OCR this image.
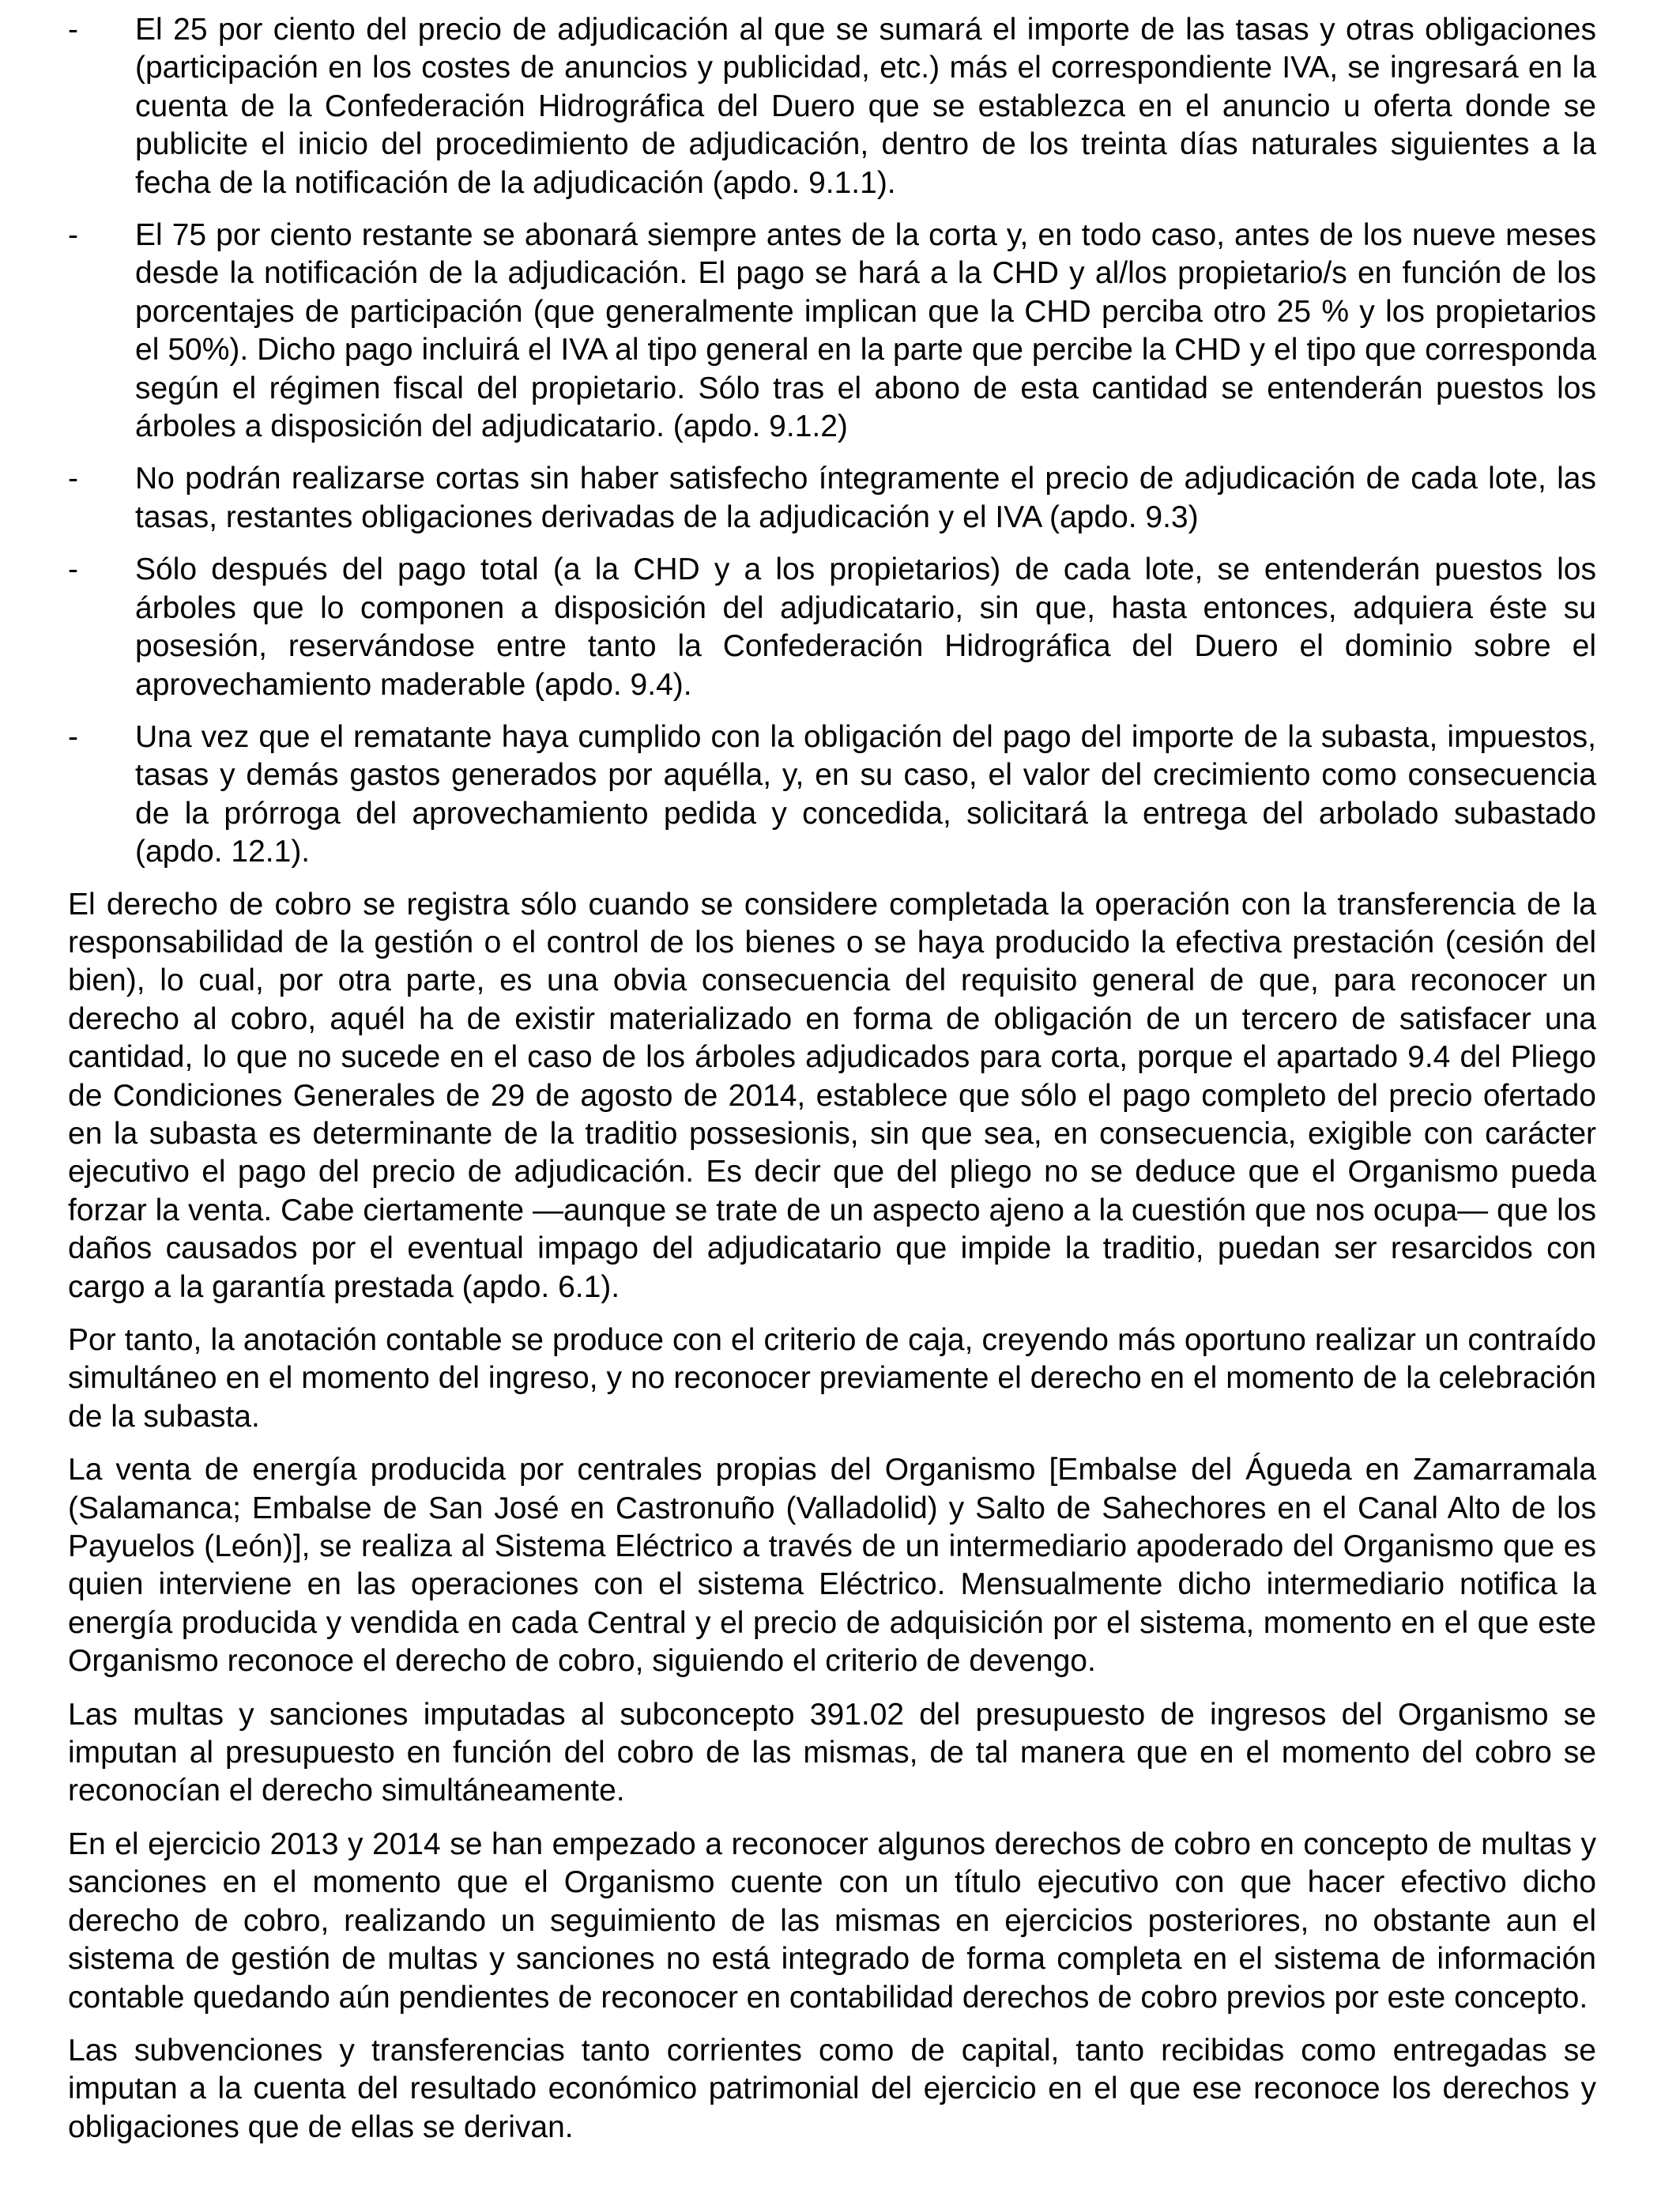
- El 25 por ciento del precio de adjudicación al que se sumará el importe de las tasas y otras obligaciones (participación en los costes de anuncios y publicidad, etc.) más el correspondiente IVA, se ingresará en la cuenta de la Confederación Hidrográfica del Duero que se establezca en el anuncio u oferta donde se publicite el inicio del procedimiento de adjudicación, dentro de los treinta días naturales siguientes a la fecha de la notificación de la adjudicación (apdo. 9.1.1).
- El 75 por ciento restante se abonará siempre antes de la corta y, en todo caso, antes de los nueve meses desde la notificación de la adjudicación. El pago se hará a la CHD y al/los propietario/s en función de los porcentajes de participación (que generalmente implican que la CHD perciba otro 25 % y los propietarios el 50%). Dicho pago incluirá el IVA al tipo general en la parte que percibe la CHD y el tipo que corresponda según el régimen fiscal del propietario. Sólo tras el abono de esta cantidad se entenderán puestos los árboles a disposición del adjudicatario. (apdo. 9.1.2)
- No podrán realizarse cortas sin haber satisfecho íntegramente el precio de adjudicación de cada lote, las tasas, restantes obligaciones derivadas de la adjudicación y el IVA (apdo. 9.3)
- Sólo después del pago total (a la CHD y a los propietarios) de cada lote, se entenderán puestos los árboles que lo componen a disposición del adjudicatario, sin que, hasta entonces, adquiera éste su posesión, reservándose entre tanto la Confederación Hidrográfica del Duero el dominio sobre el aprovechamiento maderable (apdo. 9.4).
- Una vez que el rematante haya cumplido con la obligación del pago del importe de la subasta, impuestos, tasas y demás gastos generados por aquélla, y, en su caso, el valor del crecimiento como consecuencia de la prórroga del aprovechamiento pedida y concedida, solicitará la entrega del arbolado subastado (apdo. 12.1).

El derecho de cobro se registra sólo cuando se considere completada la operación con la transferencia de la responsabilidad de la gestión o el control de los bienes o se haya producido la efectiva prestación (cesión del bien), lo cual, por otra parte, es una obvia consecuencia del requisito general de que, para reconocer un derecho al cobro, aquél ha de existir materializado en forma de obligación de un tercero de satisfacer una cantidad, lo que no sucede en el caso de los árboles adjudicados para corta, porque el apartado 9.4 del Pliego de Condiciones Generales de 29 de agosto de 2014, establece que sólo el pago completo del precio ofertado en la subasta es determinante de la traditio possesionis, sin que sea, en consecuencia, exigible con carácter ejecutivo el pago del precio de adjudicación. Es decir que del pliego no se deduce que el Organismo pueda forzar la venta. Cabe ciertamente —aunque se trate de un aspecto ajeno a la cuestión que nos ocupa— que los daños causados por el eventual impago del adjudicatario que impide la traditio, puedan ser resarcidos con cargo a la garantía prestada (apdo. 6.1).

Por tanto, la anotación contable se produce con el criterio de caja, creyendo más oportuno realizar un contraído simultáneo en el momento del ingreso, y no reconocer previamente el derecho en el momento de la celebración de la subasta.

La venta de energía producida por centrales propias del Organismo [Embalse del Águeda en Zamarramala (Salamanca; Embalse de San José en Castronuño (Valladolid) y Salto de Sahechores en el Canal Alto de los Payuelos (León)], se realiza al Sistema Eléctrico a través de un intermediario apoderado del Organismo que es quien interviene en las operaciones con el sistema Eléctrico. Mensualmente dicho intermediario notifica la energía producida y vendida en cada Central y el precio de adquisición por el sistema, momento en el que este Organismo reconoce el derecho de cobro, siguiendo el criterio de devengo.

Las multas y sanciones imputadas al subconcepto 391.02 del presupuesto de ingresos del Organismo se imputan al presupuesto en función del cobro de las mismas, de tal manera que en el momento del cobro se reconocían el derecho simultáneamente.

En el ejercicio 2013 y 2014 se han empezado a reconocer algunos derechos de cobro en concepto de multas y sanciones en el momento que el Organismo cuente con un título ejecutivo con que hacer efectivo dicho derecho de cobro, realizando un seguimiento de las mismas en ejercicios posteriores, no obstante aun el sistema de gestión de multas y sanciones no está integrado de forma completa en el sistema de información contable quedando aún pendientes de reconocer en contabilidad derechos de cobro previos por este concepto.

Las subvenciones y transferencias tanto corrientes como de capital, tanto recibidas como entregadas se imputan a la cuenta del resultado económico patrimonial del ejercicio en el que ese reconoce los derechos y obligaciones que de ellas se derivan.
